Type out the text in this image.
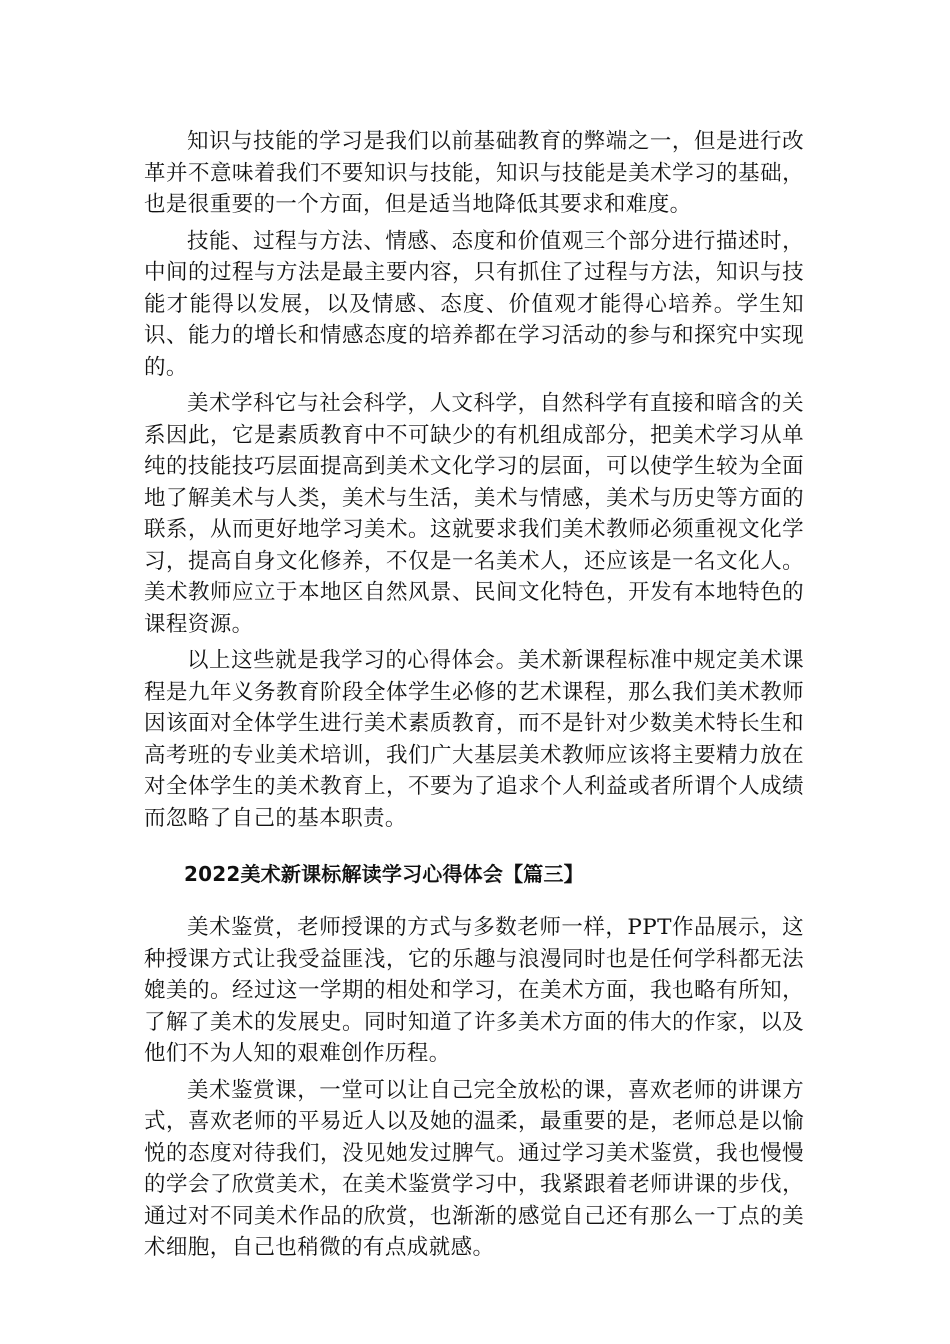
知识与技能的学习是我们以前基础教育的弊端之一，但是进行改革并不意味着我们不要知识与技能，知识与技能是美术学习的基础，也是很重要的一个方面，但是适当地降低其要求和难度。

技能、过程与方法、情感、态度和价值观三个部分进行描述时，中间的过程与方法是最主要内容，只有抓住了过程与方法，知识与技能才能得以发展，以及情感、态度、价值观才能得心培养。学生知识、能力的增长和情感态度的培养都在学习活动的参与和探究中实现的。

美术学科它与社会科学，人文科学，自然科学有直接和暗含的关系因此，它是素质教育中不可缺少的有机组成部分，把美术学习从单纯的技能技巧层面提高到美术文化学习的层面，可以使学生较为全面地了解美术与人类，美术与生活，美术与情感，美术与历史等方面的联系，从而更好地学习美术。这就要求我们美术教师必须重视文化学习，提高自身文化修养，不仅是一名美术人，还应该是一名文化人。美术教师应立于本地区自然风景、民间文化特色，开发有本地特色的课程资源。

以上这些就是我学习的心得体会。美术新课程标准中规定美术课程是九年义务教育阶段全体学生必修的艺术课程，那么我们美术教师因该面对全体学生进行美术素质教育，而不是针对少数美术特长生和高考班的专业美术培训，我们广大基层美术教师应该将主要精力放在对全体学生的美术教育上，不要为了追求个人利益或者所谓个人成绩而忽略了自己的基本职责。

2022美术新课标解读学习心得体会【篇三】

美术鉴赏，老师授课的方式与多数老师一样，PPT作品展示，这种授课方式让我受益匪浅，它的乐趣与浪漫同时也是任何学科都无法媲美的。经过这一学期的相处和学习，在美术方面，我也略有所知，了解了美术的发展史。同时知道了许多美术方面的伟大的作家，以及他们不为人知的艰难创作历程。

美术鉴赏课，一堂可以让自己完全放松的课，喜欢老师的讲课方式，喜欢老师的平易近人以及她的温柔，最重要的是，老师总是以愉悦的态度对待我们，没见她发过脾气。通过学习美术鉴赏，我也慢慢的学会了欣赏美术，在美术鉴赏学习中，我紧跟着老师讲课的步伐，通过对不同美术作品的欣赏，也渐渐的感觉自己还有那么一丁点的美术细胞，自己也稍微的有点成就感。
